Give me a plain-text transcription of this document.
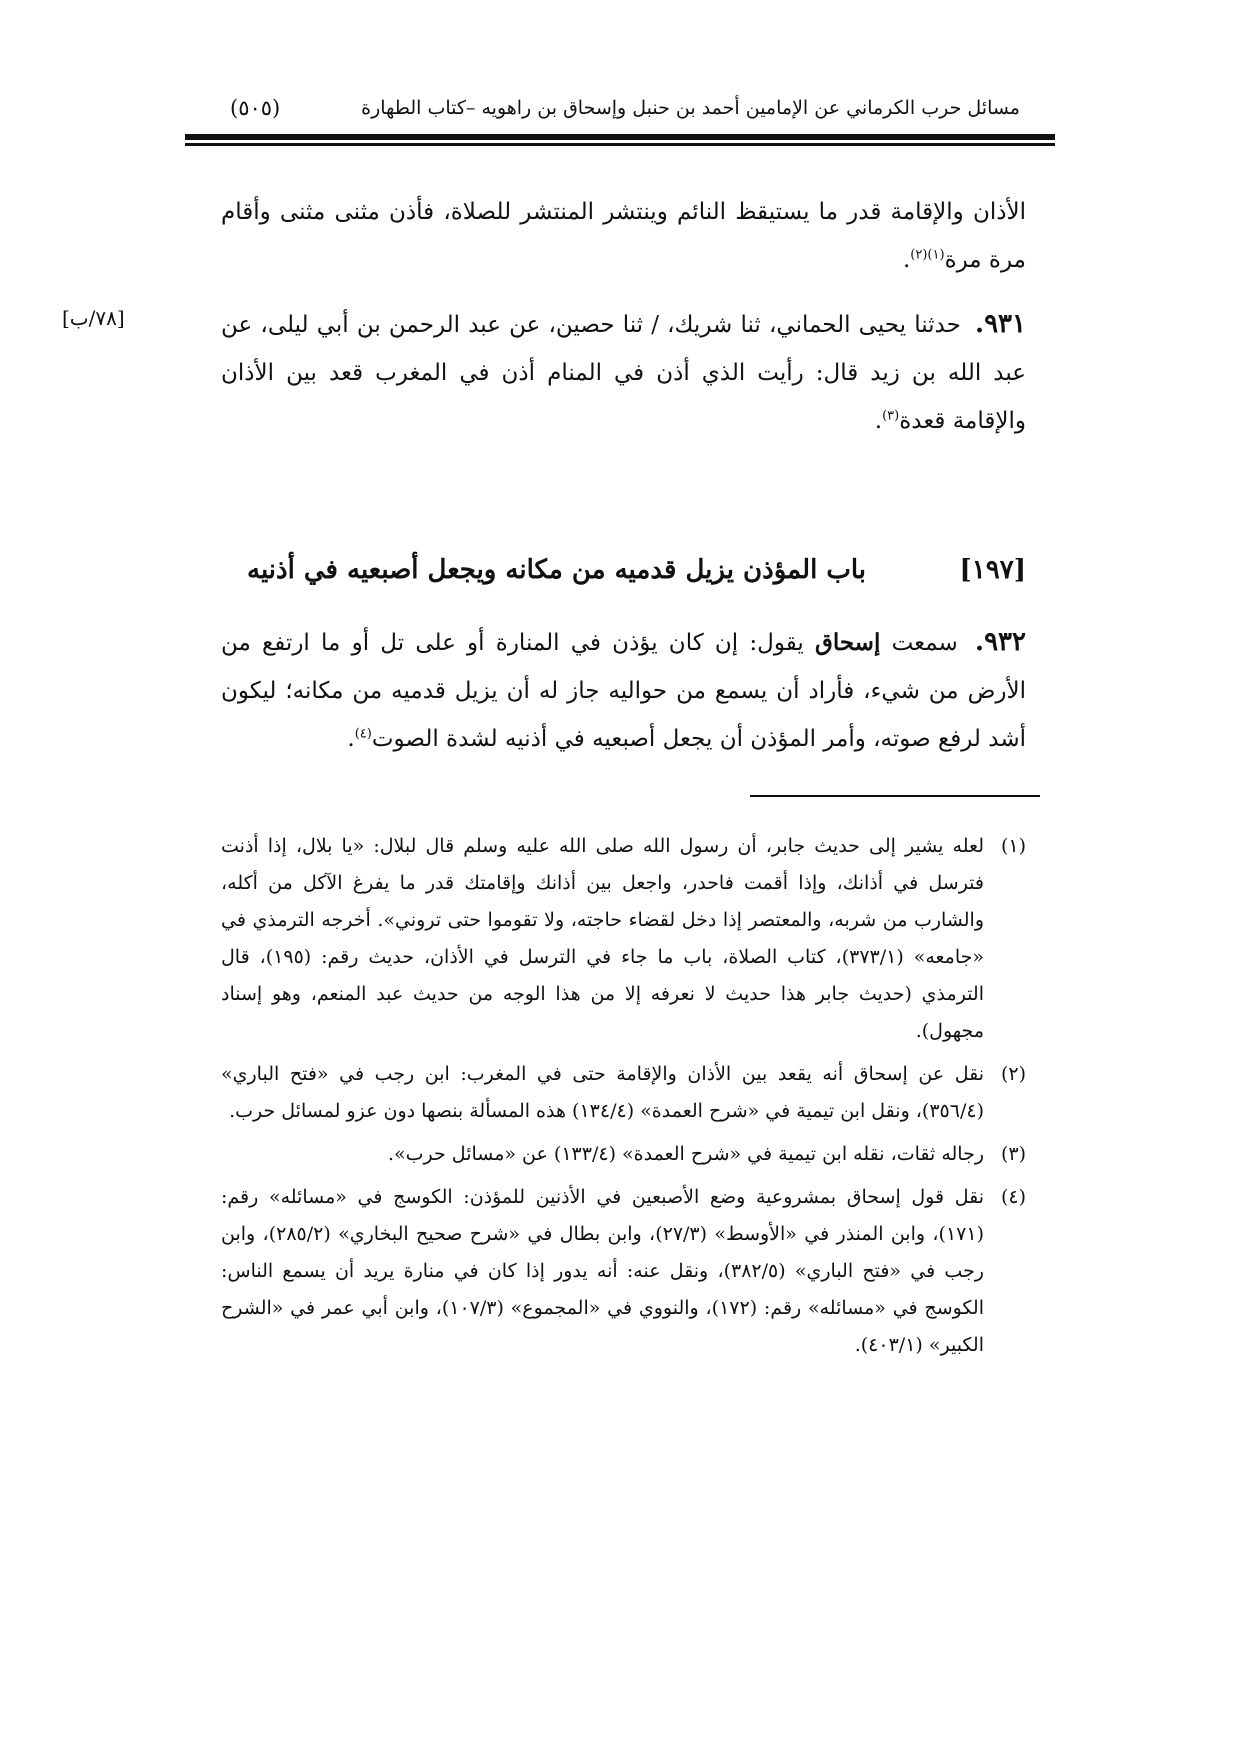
مسائل حرب الكرماني عن الإمامين أحمد بن حنبل وإسحاق بن راهويه –كتاب الطهارة
(٥٠٥)
الأذان والإقامة قدر ما يستيقظ النائم وينتشر المنتشر للصلاة، فأذن مثنى مثنى وأقام مرة مرة$^{(١)(٢)}$.
[٧٨/ب]	٩٣١. حدثنا يحيى الحماني، ثنا شريك، / ثنا حصين، عن عبد الرحمن بن أبي ليلى، عن عبد الله بن زيد قال: رأيت الذي أذن في المنام أذن في المغرب قعد بين الأذان والإقامة قعدة$^{(٣)}$.
[١٩٧]
باب المؤذن يزيل قدميه من مكانه ويجعل أصبعيه في أذنيه
٩٣٢. سمعت إسحاق يقول: إن كان يؤذن في المنارة أو على تل أو ما ارتفع من الأرض من شيء، فأراد أن يسمع من حواليه جاز له أن يزيل قدميه من مكانه؛ ليكون أشد لرفع صوته، وأمر المؤذن أن يجعل أصبعيه في أذنيه لشدة الصوت$^{(٤)}$.

(١)لعله يشير إلى حديث جابر، أن رسول الله صلى الله عليه وسلم قال لبلال: «يا بلال، إذا أذنت فترسل في أذانك، وإذا أقمت فاحدر، واجعل بين أذانك وإقامتك قدر ما يفرغ الآكل من أكله، والشارب من شربه، والمعتصر إذا دخل لقضاء حاجته، ولا تقوموا حتى تروني». أخرجه الترمذي في «جامعه» (٣٧٣/١)، كتاب الصلاة، باب ما جاء في الترسل في الأذان، حديث رقم: (١٩٥)، قال الترمذي (حديث جابر هذا حديث لا نعرفه إلا من هذا الوجه من حديث عبد المنعم، وهو إسناد مجهول).

(٢)نقل عن إسحاق أنه يقعد بين الأذان والإقامة حتى في المغرب: ابن رجب في «فتح الباري» (٣٥٦/٤)، ونقل ابن تيمية في «شرح العمدة» (١٣٤/٤) هذه المسألة بنصها دون عزو لمسائل حرب.

(٣)رجاله ثقات، نقله ابن تيمية في «شرح العمدة» (١٣٣/٤) عن «مسائل حرب».

(٤)نقل قول إسحاق بمشروعية وضع الأصبعين في الأذنين للمؤذن: الكوسج في «مسائله» رقم: (١٧١)، وابن المنذر في «الأوسط» (٢٧/٣)، وابن بطال في «شرح صحيح البخاري» (٢٨٥/٢)، وابن رجب في «فتح الباري» (٣٨٢/٥)، ونقل عنه: أنه يدور إذا كان في منارة يريد أن يسمع الناس: الكوسج في «مسائله» رقم: (١٧٢)، والنووي في «المجموع» (١٠٧/٣)، وابن أبي عمر في «الشرح الكبير» (٤٠٣/١).
